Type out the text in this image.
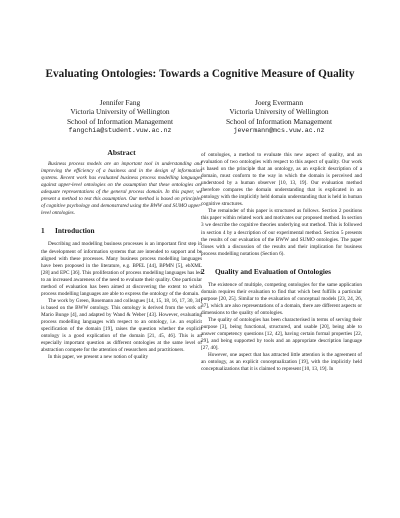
Evaluating Ontologies: Towards a Cognitive Measure of Quality
Jennifer Fang
Victoria University of Wellington
School of Information Management
fangchia@student.vuw.ac.nz
Joerg Evermann
Victoria University of Wellington
School of Information Management
jevermann@mcs.vuw.ac.nz
Abstract

Business process models are an important tool in understanding and improving the efficiency of a business and in the design of information systems. Recent work has evaluated business process modelling languages against upper-level ontologies on the assumption that these ontologies are adequate representations of the general process domain. In this paper, we present a method to test this assumption. Our method is based on principles of cognitive psychology and demonstrated using the BWW and SUMO upper-level ontologies.

1 Introduction

Describing and modelling business processes is an important first step in the development of information systems that are intended to support and be aligned with these processes. Many business process modelling languages have been proposed in the literature, e.g. BPEL [44], BPMN [5], ebXML [28] and EPC [36]. This proliferation of process modelling languages has led to an increased awareness of the need to evaluate their quality. One particular method of evaluation has been aimed at discovering the extent to which process modelling languages are able to express the ontology of the domain.

The work by Green, Rosemann and colleagues [14, 15, 18, 16, 17, 30, 34] is based on the BWW ontology. This ontology is derived from the work of Mario Bunge [4], and adapted by Wand & Weber [43]. However, evaluating process modelling languages with respect to an ontology, i.e. an explicit specification of the domain [19], raises the question whether the explicit ontology is a good explication of the domain [21, 45, 46]. This is an especially important question as different ontologies at the same level of abstraction compete for the attention of researchers and practitioners.

In this paper, we present a new notion of quality

of ontologies, a method to evaluate this new aspect of quality, and an evaluation of two ontologies with respect to this aspect of quality. Our work is based on the principle that an ontology, as an explicit description of a domain, must conform to the way in which the domain is perceived and understood by a human observer [10, 13, 19]. Our evaluation method therefore compares the domain understanding that is explicated in an ontology with the implicitly held domain understanding that is held in human cognitive structures.

The remainder of this paper is structured as follows. Section 2 positions this paper within related work and motivates our proposed method. In section 3 we describe the cognitive theories underlying out method. This is followed in section 4 by a description of our experimental method. Section 5 presents the results of our evaluation of the BWW and SUMO ontologies. The paper closes with a discussion of the results and their implication for business process modelling notations (Section 6).

2 Quality and Evaluation of Ontologies

The existence of multiple, competing ontologies for the same application domain requires their evaluation to find that which best fulfills a particular purpose [20, 25]. Similar to the evaluation of conceptual models [23, 24, 26, 37], which are also representations of a domain, there are different aspects or dimensions to the quality of ontologies.

The quality of ontologies has been characterised in terms of serving their purpose [3], being functional, structured, and usable [20], being able to answer competency questions [12, 42], having certain formal properties [22, 29], and being supported by tools and an appropriate description language [27, 40].

However, one aspect that has attracted little attention is the agreement of an ontology, as an explicit conceptualization [19], with the implicitly held conceptualizations that it is claimed to represent [10, 13, 19]. In
